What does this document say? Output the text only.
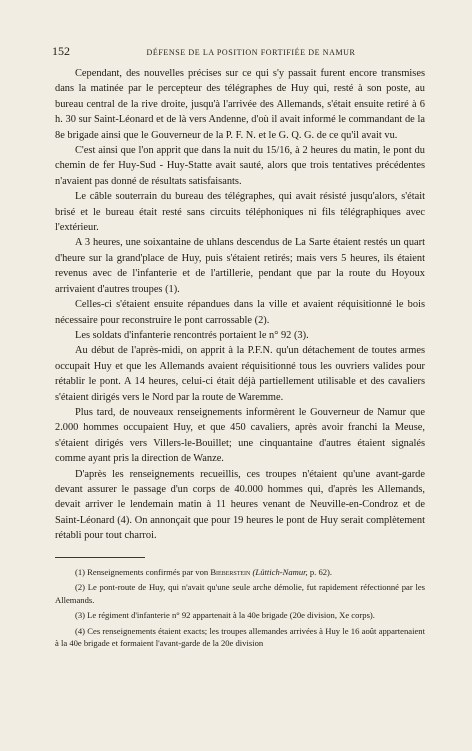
152	DÉFENSE DE LA POSITION FORTIFIÉE DE NAMUR

Cependant, des nouvelles précises sur ce qui s'y passait furent encore transmises dans la matinée par le percepteur des télégraphes de Huy qui, resté à son poste, au bureau central de la rive droite, jusqu'à l'arrivée des Allemands, s'était ensuite retiré à 6 h. 30 sur Saint-Léonard et de là vers Andenne, d'où il avait informé le commandant de la 8e brigade ainsi que le Gouverneur de la P. F. N. et le G. Q. G. de ce qu'il avait vu.

C'est ainsi que l'on apprit que dans la nuit du 15/16, à 2 heures du matin, le pont du chemin de fer Huy-Sud - Huy-Statte avait sauté, alors que trois tentatives précédentes n'avaient pas donné de résultats satisfaisants.

Le câble souterrain du bureau des télégraphes, qui avait résisté jusqu'alors, s'était brisé et le bureau était resté sans circuits téléphoniques ni fils télégraphiques avec l'extérieur.

A 3 heures, une soixantaine de uhlans descendus de La Sarte étaient restés un quart d'heure sur la grand'place de Huy, puis s'étaient retirés; mais vers 5 heures, ils étaient revenus avec de l'infanterie et de l'artillerie, pendant que par la route du Hoyoux arrivaient d'autres troupes (1).

Celles-ci s'étaient ensuite répandues dans la ville et avaient réquisitionné le bois nécessaire pour reconstruire le pont carrossable (2).

Les soldats d'infanterie rencontrés portaient le n° 92 (3).

Au début de l'après-midi, on apprit à la P.F.N. qu'un détachement de toutes armes occupait Huy et que les Allemands avaient réquisitionné tous les ouvriers valides pour rétablir le pont. A 14 heures, celui-ci était déjà partiellement utilisable et des cavaliers s'étaient dirigés vers le Nord par la route de Waremme.

Plus tard, de nouveaux renseignements informèrent le Gouverneur de Namur que 2.000 hommes occupaient Huy, et que 450 cavaliers, après avoir franchi la Meuse, s'étaient dirigés vers Villers-le-Bouillet; une cinquantaine d'autres étaient signalés comme ayant pris la direction de Wanze.

D'après les renseignements recueillis, ces troupes n'étaient qu'une avant-garde devant assurer le passage d'un corps de 40.000 hommes qui, d'après les Allemands, devait arriver le lendemain matin à 11 heures venant de Neuville-en-Condroz et de Saint-Léonard (4). On annonçait que pour 19 heures le pont de Huy serait complètement rétabli pour tout charroi.

(1) Renseignements confirmés par von Bieberstein (Lüttich-Namur, p. 62).

(2) Le pont-route de Huy, qui n'avait qu'une seule arche démolie, fut rapidement réfectionné par les Allemands.

(3) Le régiment d'infanterie n° 92 appartenait à la 40e brigade (20e division, Xe corps).

(4) Ces renseignements étaient exacts; les troupes allemandes arrivées à Huy le 16 août appartenaient à la 40e brigade et formaient l'avant-garde de la 20e division
